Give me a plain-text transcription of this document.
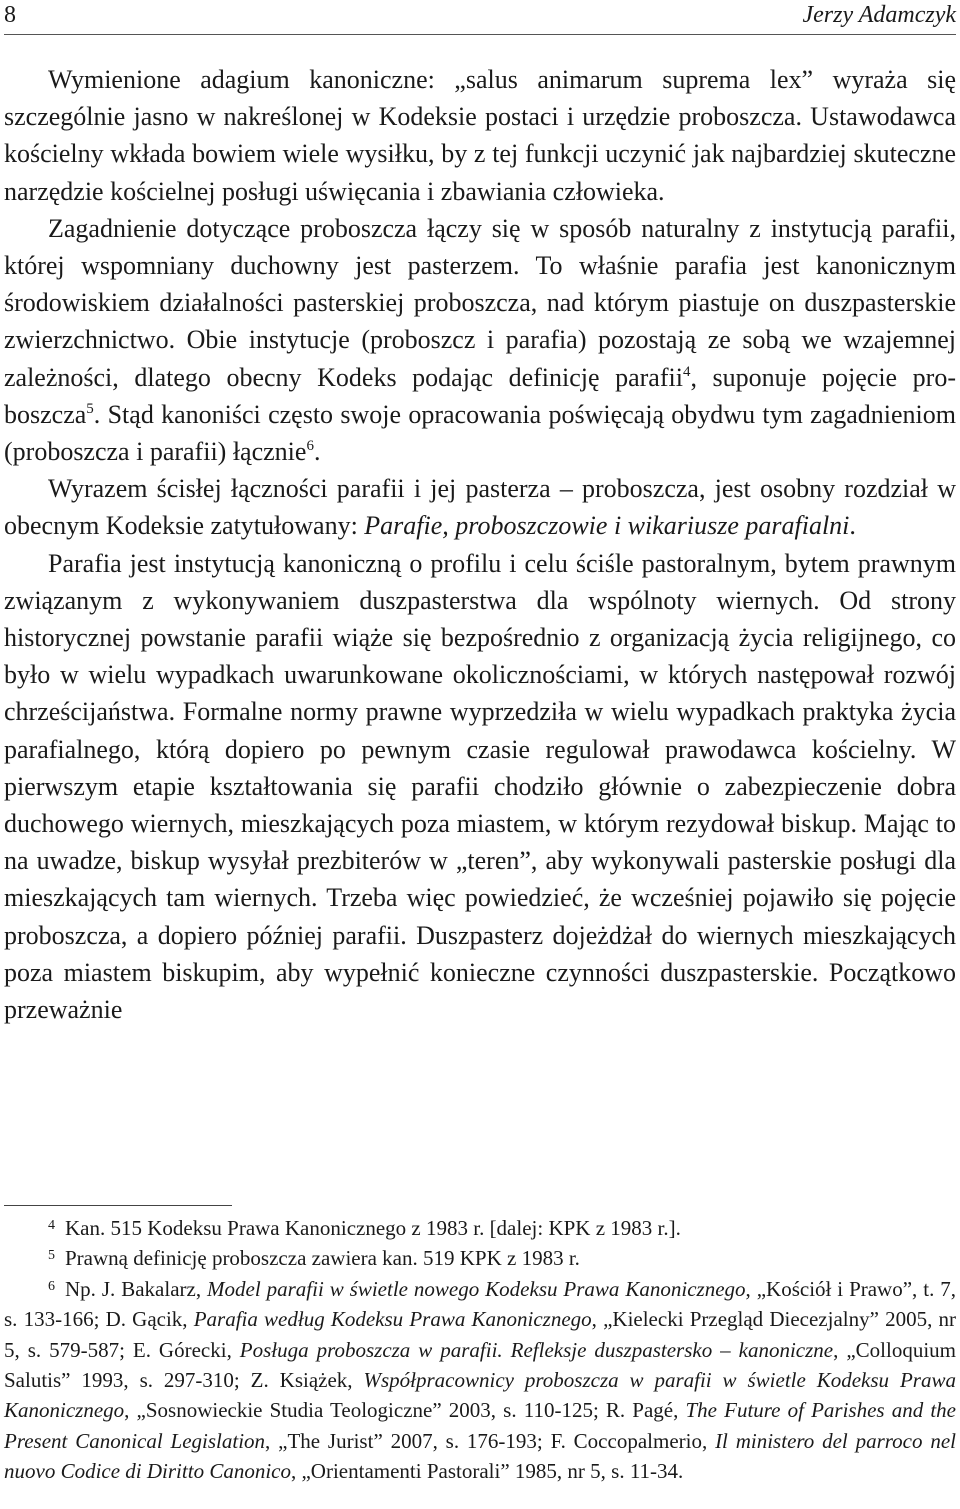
8	Jerzy Adamczyk

Wymienione adagium kanoniczne: „salus animarum suprema lex” wyraża się szczególnie jasno w nakreślonej w Kodeksie postaci i urzędzie proboszcza. Ustawodawca kościelny wkłada bowiem wiele wysiłku, by z tej funkcji uczynić jak najbardziej skuteczne narzędzie kościelnej posługi uświęcania i zbawiania człowieka.

Zagadnienie dotyczące proboszcza łączy się w sposób naturalny z instytucją parafii, której wspomniany duchowny jest pasterzem. To właśnie parafia jest kanonicznym środowiskiem działalności pasterskiej proboszcza, nad którym piastuje on duszpasterskie zwierzchnictwo. Obie instytucje (proboszcz i parafia) pozostają ze sobą we wzajemnej zależności, dlatego obecny Kodeks podając definicję parafii$^4$, suponuje pojęcie proboszcza$^5$. Stąd kanoniści często swoje opracowania poświęcają obydwu tym zagadnieniom (proboszcza i parafii) łącznie$^6$.

Wyrazem ścisłej łączności parafii i jej pasterza – proboszcza, jest osobny rozdział w obecnym Kodeksie zatytułowany: Parafie, proboszczowie i wikariusze parafialni.

Parafia jest instytucją kanoniczną o profilu i celu ściśle pastoralnym, bytem prawnym związanym z wykonywaniem duszpasterstwa dla wspólnoty wiernych. Od strony historycznej powstanie parafii wiąże się bezpośrednio z organizacją życia religijnego, co było w wielu wypadkach uwarunkowane okolicznościami, w których następował rozwój chrześcijaństwa. Formalne normy prawne wyprzedziła w wielu wypadkach praktyka życia parafialnego, którą dopiero po pewnym czasie regulował prawodawca kościelny. W pierwszym etapie kształtowania się parafii chodziło głównie o zabezpieczenie dobra duchowego wiernych, mieszkających poza miastem, w którym rezydował biskup. Mając to na uwadze, biskup wysyłał prezbiterów w „teren”, aby wykonywali pasterskie posługi dla mieszkających tam wiernych. Trzeba więc powiedzieć, że wcześniej pojawiło się pojęcie proboszcza, a dopiero później parafii. Duszpasterz dojeżdżał do wiernych mieszkających poza miastem biskupim, aby wypełnić konieczne czynności duszpasterskie. Początkowo przeważnie

$^4$ Kan. 515 Kodeksu Prawa Kanonicznego z 1983 r. [dalej: KPK z 1983 r.].

$^5$ Prawną definicję proboszcza zawiera kan. 519 KPK z 1983 r.

$^6$ Np. J. Bakalarz, Model parafii w świetle nowego Kodeksu Prawa Kanonicznego, „Kościół i Prawo”, t. 7, s. 133-166; D. Gącik, Parafia według Kodeksu Prawa Kanonicznego, „Kielecki Przegląd Diecezjalny” 2005, nr 5, s. 579-587; E. Górecki, Posługa proboszcza w parafii. Refleksje duszpastersko – kanoniczne, „Colloquium Salutis” 1993, s. 297-310; Z. Książek, Współpracownicy proboszcza w parafii w świetle Kodeksu Prawa Kanonicznego, „Sosnowieckie Studia Teologiczne” 2003, s. 110-125; R. Pagé, The Future of Parishes and the Present Canonical Legislation, „The Jurist” 2007, s. 176-193; F. Coccopalmerio, Il ministero del parroco nel nuovo Codice di Diritto Canonico, „Orientamenti Pastorali” 1985, nr 5, s. 11-34.
